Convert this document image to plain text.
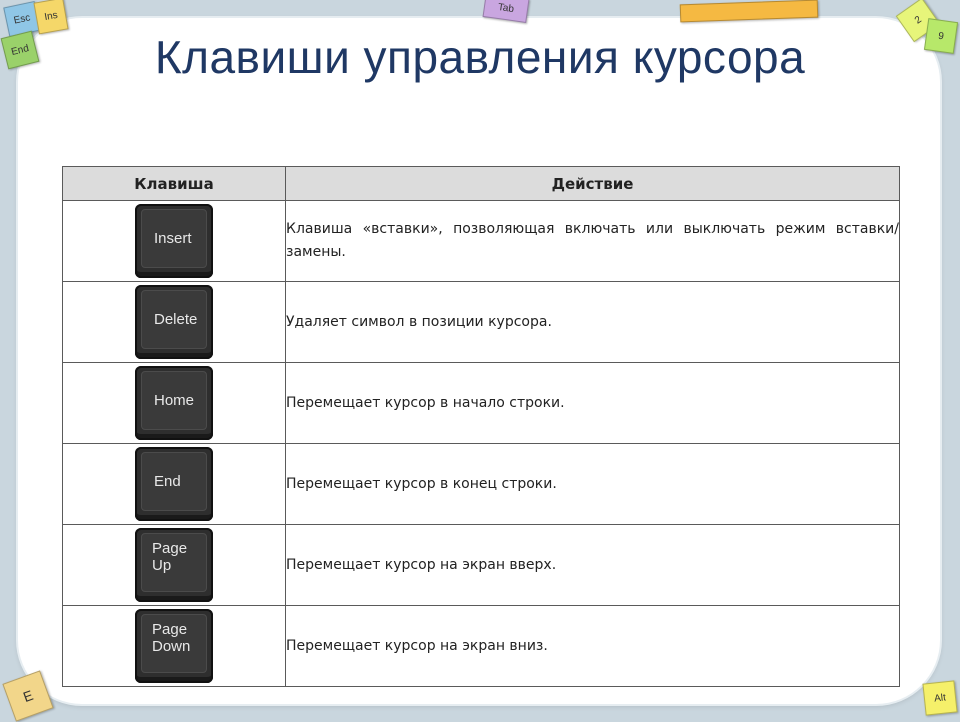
Esc Ins
End
Tab
2
9
E	Alt
Клавиши управления курсора
Клавиша	Действие

Insert	Клавиша «вставки», позволяющая включать или выключать режим вставки/замены.

Delete	Удаляет символ в позиции курсора.

Home	Перемещает курсор в начало строки.

End	Перемещает курсор в конец строки.

Page
Up	Перемещает курсор на экран вверх.

Page
Down	Перемещает курсор на экран вниз.
